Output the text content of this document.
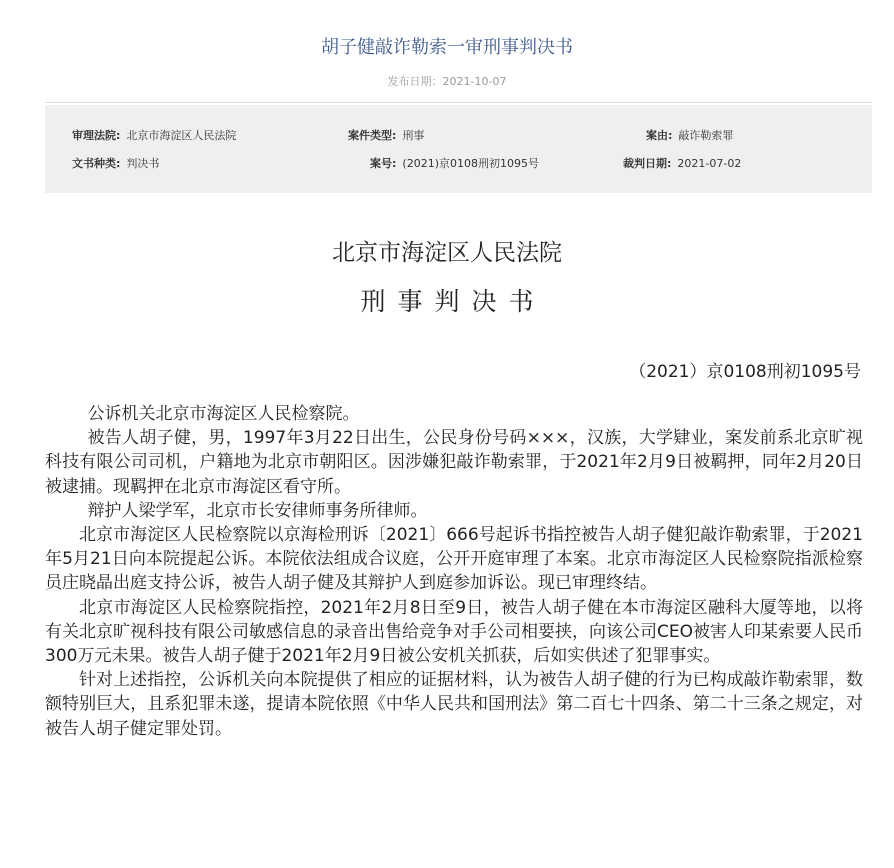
胡子健敲诈勒索一审刑事判决书
发布日期：2021-10-07
审理法院: 北京市海淀区人民法院	案件类型: 刑事	案由: 敲诈勒索罪
文书种类: 判决书	案号: (2021)京0108刑初1095号	裁判日期: 2021-07-02
北京市海淀区人民法院
刑事判决书
（2021）京0108刑初1095号

公诉机关北京市海淀区人民检察院。

被告人胡子健，男，1997年3月22日出生，公民身份号码×××，汉族，大学肄业，案发前系北京旷视科技有限公司司机，户籍地为北京市朝阳区。因涉嫌犯敲诈勒索罪，于2021年2月9日被羁押，同年2月20日被逮捕。现羁押在北京市海淀区看守所。

辩护人梁学军，北京市长安律师事务所律师。

北京市海淀区人民检察院以京海检刑诉〔2021〕666号起诉书指控被告人胡子健犯敲诈勒索罪，于2021年5月21日向本院提起公诉。本院依法组成合议庭，公开开庭审理了本案。北京市海淀区人民检察院指派检察员庄晓晶出庭支持公诉，被告人胡子健及其辩护人到庭参加诉讼。现已审理终结。

北京市海淀区人民检察院指控，2021年2月8日至9日，被告人胡子健在本市海淀区融科大厦等地，以将有关北京旷视科技有限公司敏感信息的录音出售给竞争对手公司相要挟，向该公司CEO被害人印某索要人民币300万元未果。被告人胡子健于2021年2月9日被公安机关抓获，后如实供述了犯罪事实。

针对上述指控，公诉机关向本院提供了相应的证据材料，认为被告人胡子健的行为已构成敲诈勒索罪，数额特别巨大，且系犯罪未遂，提请本院依照《中华人民共和国刑法》第二百七十四条、第二十三条之规定，对被告人胡子健定罪处罚。
